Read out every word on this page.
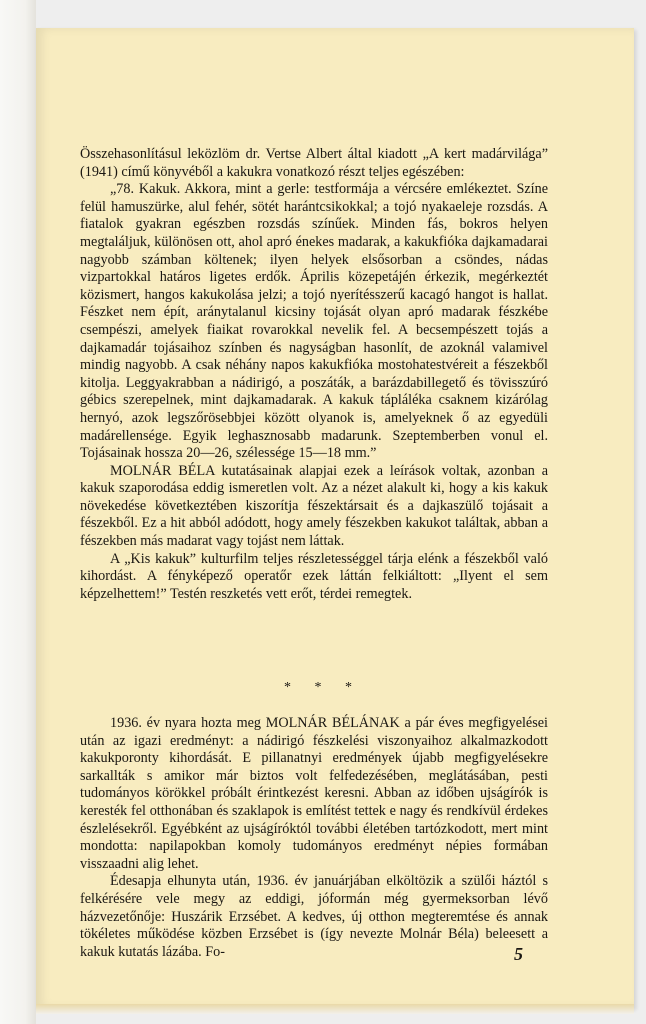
Összehasonlításul leközlöm dr. Vertse Albert által kiadott „A kert madárvilága” (1941) című könyvéből a kakukra vonatkozó részt teljes egészében:

„78. Kakuk. Akkora, mint a gerle: testformája a vércsére emlékeztet. Színe felül hamuszürke, alul fehér, sötét harántcsikokkal; a tojó nyakaeleje rozsdás. A fiatalok gyakran egészben rozsdás színűek. Minden fás, bokros helyen megtaláljuk, különösen ott, ahol apró énekes madarak, a kakukfióka dajkamadarai nagyobb számban költenek; ilyen helyek elsősorban a csöndes, nádas vizpartokkal határos ligetes erdők. Április közepetájén érkezik, megérkeztét közismert, hangos kakukolása jelzi; a tojó nyerítésszerű kacagó hangot is hallat. Fészket nem épít, aránytalanul kicsiny tojását olyan apró madarak fészkébe csempészi, amelyek fiaikat rovarokkal nevelik fel. A becsempészett tojás a dajkamadár tojásaihoz színben és nagyságban hasonlít, de azoknál valamivel mindig nagyobb. A csak néhány napos kakukfióka mostohatestvéreit a fészekből kitolja. Leggyakrabban a nádirigó, a poszáták, a barázdabillegető és tövisszúró gébics szerepelnek, mint dajkamadarak. A kakuk tápláléka csaknem kizárólag hernyó, azok legszőrösebbjei között olyanok is, amelyeknek ő az egyedüli madárellensége. Egyik leghasznosabb madarunk. Szeptemberben vonul el. Tojásainak hossza 20—26, szélessége 15—18 mm.”

MOLNÁR BÉLA kutatásainak alapjai ezek a leírások voltak, azonban a kakuk szaporodása eddig ismeretlen volt. Az a nézet alakult ki, hogy a kis kakuk növekedése következtében kiszorítja fészektársait és a dajkaszülő tojásait a fészekből. Ez a hit abból adódott, hogy amely fészekben kakukot találtak, abban a fészekben más madarat vagy tojást nem láttak.

A „Kis kakuk” kulturfilm teljes részletességgel tárja elénk a fészekből való kihordást. A fényképező operatőr ezek láttán felkiáltott: „Ilyent el sem képzelhettem!” Testén reszketés vett erőt, térdei remegtek.

* * *

1936. év nyara hozta meg MOLNÁR BÉLÁNAK a pár éves megfigyelései után az igazi eredményt: a nádirigó fészkelési viszonyaihoz alkalmazkodott kakukporonty kihordását. E pillanatnyi eredmények újabb megfigyelésekre sarkallták s amikor már biztos volt felfedezésében, meglátásában, pesti tudományos körökkel próbált érintkezést keresni. Abban az időben ujságírók is keresték fel otthonában és szaklapok is említést tettek e nagy és rendkívül érdekes észlelésekről. Egyébként az ujságíróktól további életében tartózkodott, mert mint mondotta: napilapokban komoly tudományos eredményt népies formában visszaadni alig lehet.

Édesapja elhunyta után, 1936. év januárjában elköltözik a szülői háztól s felkérésére vele megy az eddigi, jóformán még gyermeksorban lévő házvezetőnője: Huszárik Erzsébet. A kedves, új otthon megteremtése és annak tökéletes működése közben Erzsébet is (így nevezte Molnár Béla) beleesett a kakuk kutatás lázába. Fo-	5
